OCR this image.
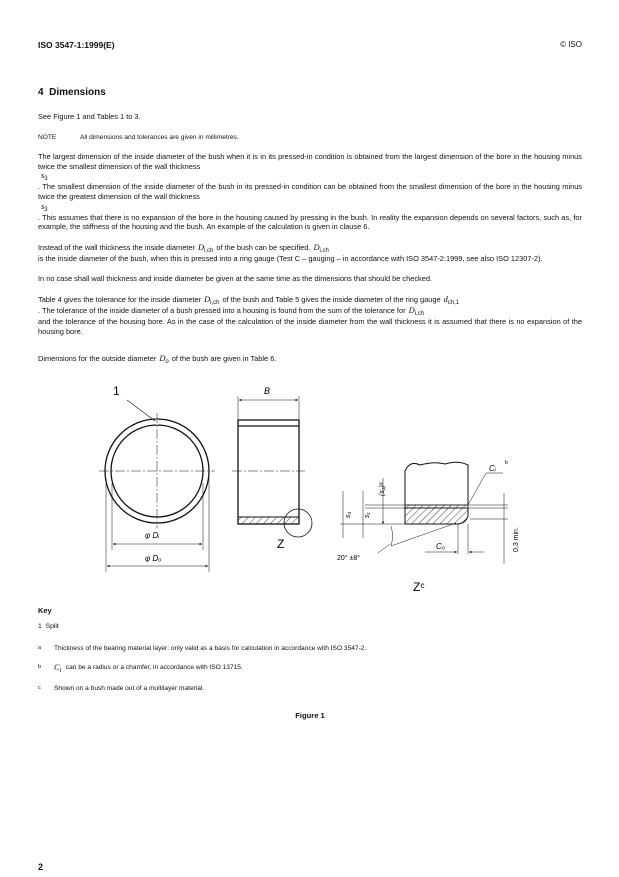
ISO 3547-1:1999(E)	© ISO
4 Dimensions
See Figure 1 and Tables 1 to 3.
NOTE	All dimensions and tolerances are given in millimetres.
The largest dimension of the inside diameter of the bush when it is in its pressed-in condition is obtained from the largest dimension of the bore in the housing minus twice the smallest dimension of the wall thicknesss3. The smallest dimension of the inside diameter of the bush in its pressed-in condition can be obtained from the smallest dimension of the bore in the housing minus twice the greatest dimension of the wall thicknesss3. This assumes that there is no expansion of the bore in the housing caused by pressing in the bush. In reality the expansion depends on several factors, such as, for example, the stiffness of the housing and the bush. An example of the calculation is given in clause 6.
Instead of the wall thickness the inside diameterDi,chof the bush can be specified.Di,chis the inside diameter of the bush, when this is pressed into a ring gauge (Test C – gauging – in accordance with ISO 3547-2:1999, see also ISO 12307-2).
In no case shall wall thickness and inside diameter be given at the same time as the dimensions that should be checked.
Table 4 gives the tolerance for the inside diameterDi,chof the bush and Table 5 gives the inside diameter of the ring gaugedch,1. The tolerance of the inside diameter of a bush pressed into a housing is found from the sum of the tolerance forDi,chand the tolerance of the housing bore. As in the case of the calculation of the inside diameter from the wall thickness it is assumed that there is no expansion of the housing bore.
Dimensions for the outside diameterDoof the bush are given in Table 6.
1
φ Dᵢ
φ Dₒ
B
Z
s₃ s₁
(s₂)ᵃ
Cᵢ
b
Cₒ
20° ±8°
0,3 min.
Zᶜ
Key
1 Split
a Thickness of the bearing material layer: only valid as a basis for calculation in accordance with ISO 3547-2.
b Ci can be a radius or a chamfer, in accordance with ISO 13715.
c Shown on a bush made out of a multilayer material.
Figure 1
2
